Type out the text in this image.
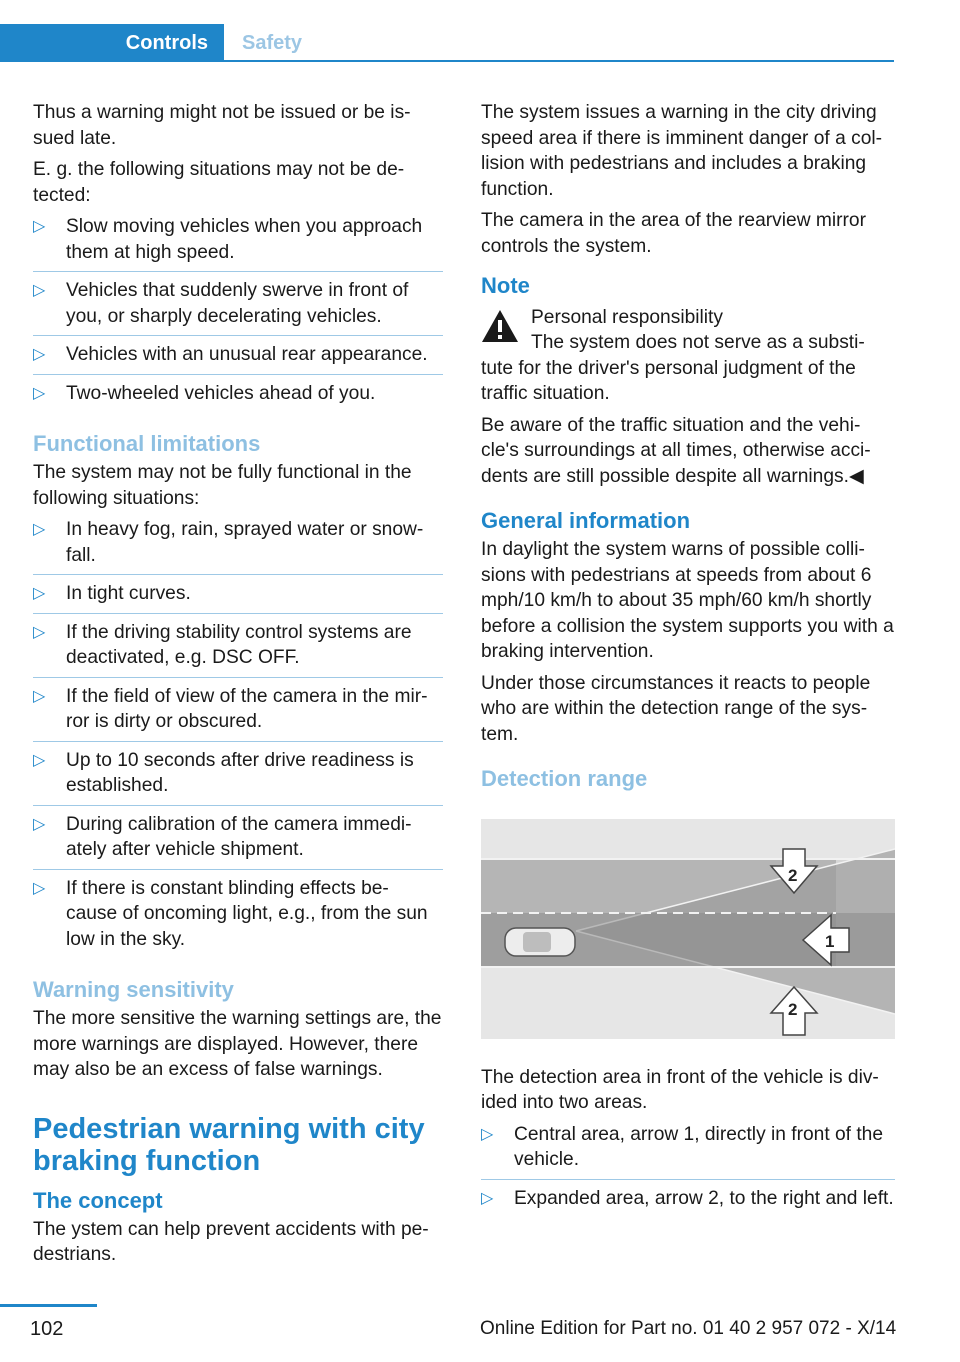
Controls	Safety

Thus a warning might not be issued or be is‐ sued late.

E. g. the following situations may not be de‐ tected:

▷ Slow moving vehicles when you approach them at high speed.
▷ Vehicles that suddenly swerve in front of you, or sharply decelerating vehicles.
▷ Vehicles with an unusual rear appearance.
▷ Two-wheeled vehicles ahead of you.
Functional limitations

The system may not be fully functional in the following situations:

▷ In heavy fog, rain, sprayed water or snow‐ fall.
▷ In tight curves.
▷ If the driving stability control systems are deactivated, e.g. DSC OFF.
▷ If the field of view of the camera in the mir‐ ror is dirty or obscured.
▷ Up to 10 seconds after drive readiness is established.
▷ During calibration of the camera immedi‐ ately after vehicle shipment.
▷ If there is constant blinding effects be‐ cause of oncoming light, e.g., from the sun low in the sky.
Warning sensitivity

The more sensitive the warning settings are, the more warnings are displayed. However, there may also be an excess of false warnings.

Pedestrian warning with city braking function
The concept

The ystem can help prevent accidents with pe‐ destrians.

The system issues a warning in the city driving speed area if there is imminent danger of a col‐ lision with pedestrians and includes a braking function.

The camera in the area of the rearview mirror controls the system.

Note
Personal responsibility
The system does not serve as a substi‐

tute for the driver's personal judgment of the traffic situation.

Be aware of the traffic situation and the vehi‐ cle's surroundings at all times, otherwise acci‐ dents are still possible despite all warnings.◀

General information

In daylight the system warns of possible colli‐ sions with pedestrians at speeds from about 6 mph/10 km/h to about 35 mph/60 km/h shortly before a collision the system supports you with a braking intervention.

Under those circumstances it reacts to people who are within the detection range of the sys‐ tem.

Detection range
1
2
2

The detection area in front of the vehicle is div‐ ided into two areas.

▷ Central area, arrow 1, directly in front of the vehicle.
▷ Expanded area, arrow 2, to the right and left.
102	Online Edition for Part no. 01 40 2 957 072 - X/14
